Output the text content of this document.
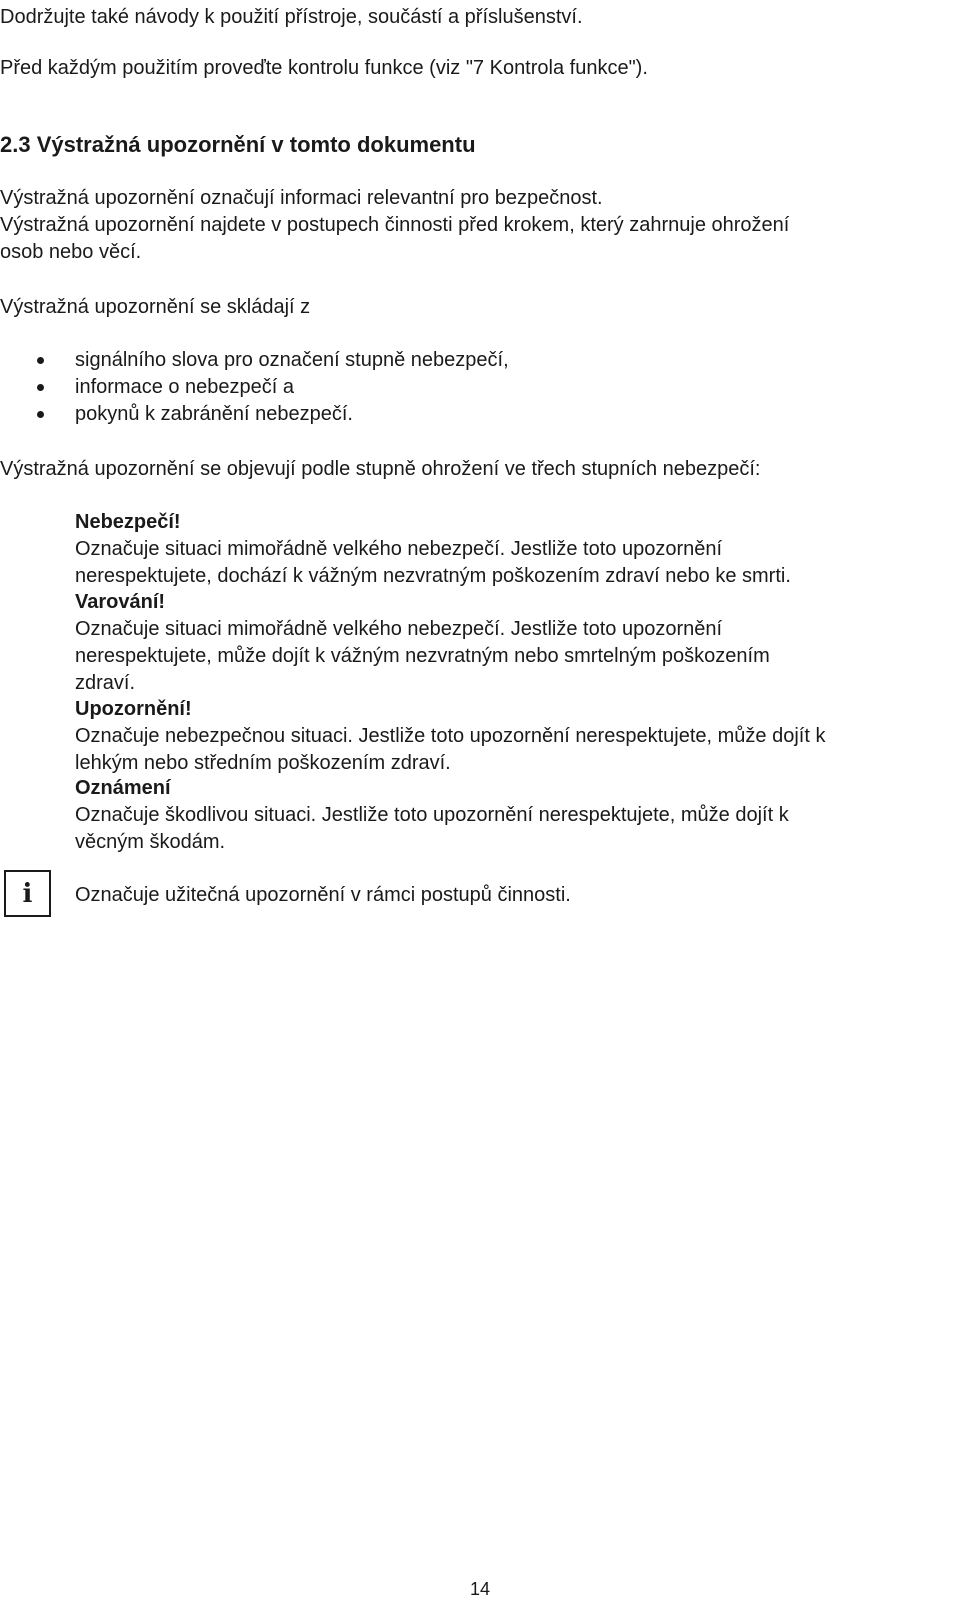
Dodržujte také návody k použití přístroje, součástí a příslušenství.
Před každým použitím proveďte kontrolu funkce (viz "7 Kontrola funkce").
2.3 Výstražná upozornění v tomto dokumentu
Výstražná upozornění označují informaci relevantní pro bezpečnost.
Výstražná upozornění najdete v postupech činnosti před krokem, který zahrnuje ohrožení
osob nebo věcí.
Výstražná upozornění se skládají z
signálního slova pro označení stupně nebezpečí,
informace o nebezpečí a
pokynů k zabránění nebezpečí.
Výstražná upozornění se objevují podle stupně ohrožení ve třech stupních nebezpečí:
Nebezpečí!
Označuje situaci mimořádně velkého nebezpečí. Jestliže toto upozornění
nerespektujete, dochází k vážným nezvratným poškozením zdraví nebo ke smrti.
Varování!
Označuje situaci mimořádně velkého nebezpečí. Jestliže toto upozornění
nerespektujete, může dojít k vážným nezvratným nebo smrtelným poškozením
zdraví.
Upozornění!
Označuje nebezpečnou situaci. Jestliže toto upozornění nerespektujete, může dojít k
lehkým nebo středním poškozením zdraví.
Oznámení
Označuje škodlivou situaci. Jestliže toto upozornění nerespektujete, může dojít k
věcným škodám.
i	Označuje užitečná upozornění v rámci postupů činnosti.
14
